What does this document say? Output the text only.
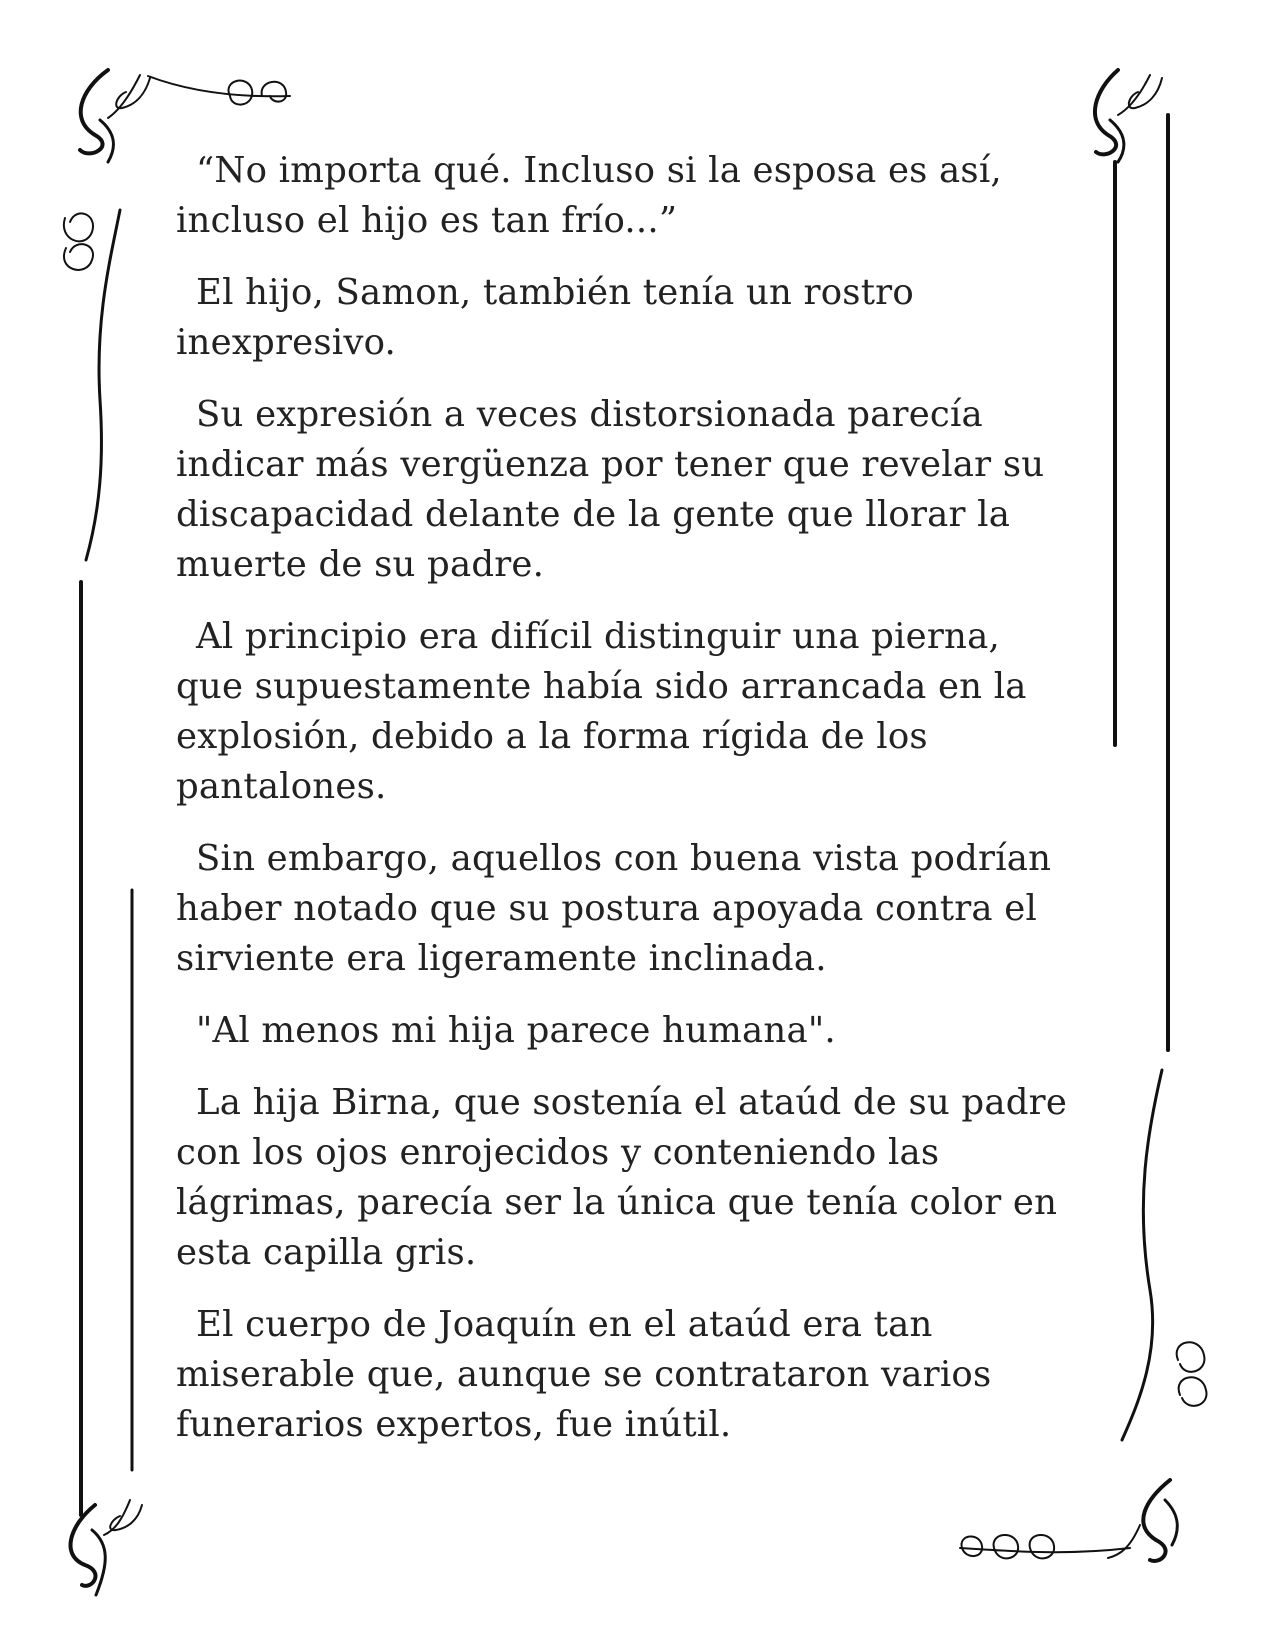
“No importa qué. Incluso si la esposa es así, incluso el hijo es tan frío...”

El hijo, Samon, también tenía un rostro inexpresivo.

Su expresión a veces distorsionada parecía indicar más vergüenza por tener que revelar su discapacidad delante de la gente que llorar la muerte de su padre.

Al principio era difícil distinguir una pierna, que supuestamente había sido arrancada en la explosión, debido a la forma rígida de los pantalones.

Sin embargo, aquellos con buena vista podrían haber notado que su postura apoyada contra el sirviente era ligeramente inclinada.

"Al menos mi hija parece humana".

La hija Birna, que sostenía el ataúd de su padre con los ojos enrojecidos y conteniendo las lágrimas, parecía ser la única que tenía color en esta capilla gris.

El cuerpo de Joaquín en el ataúd era tan miserable que, aunque se contrataron varios funerarios expertos, fue inútil.
